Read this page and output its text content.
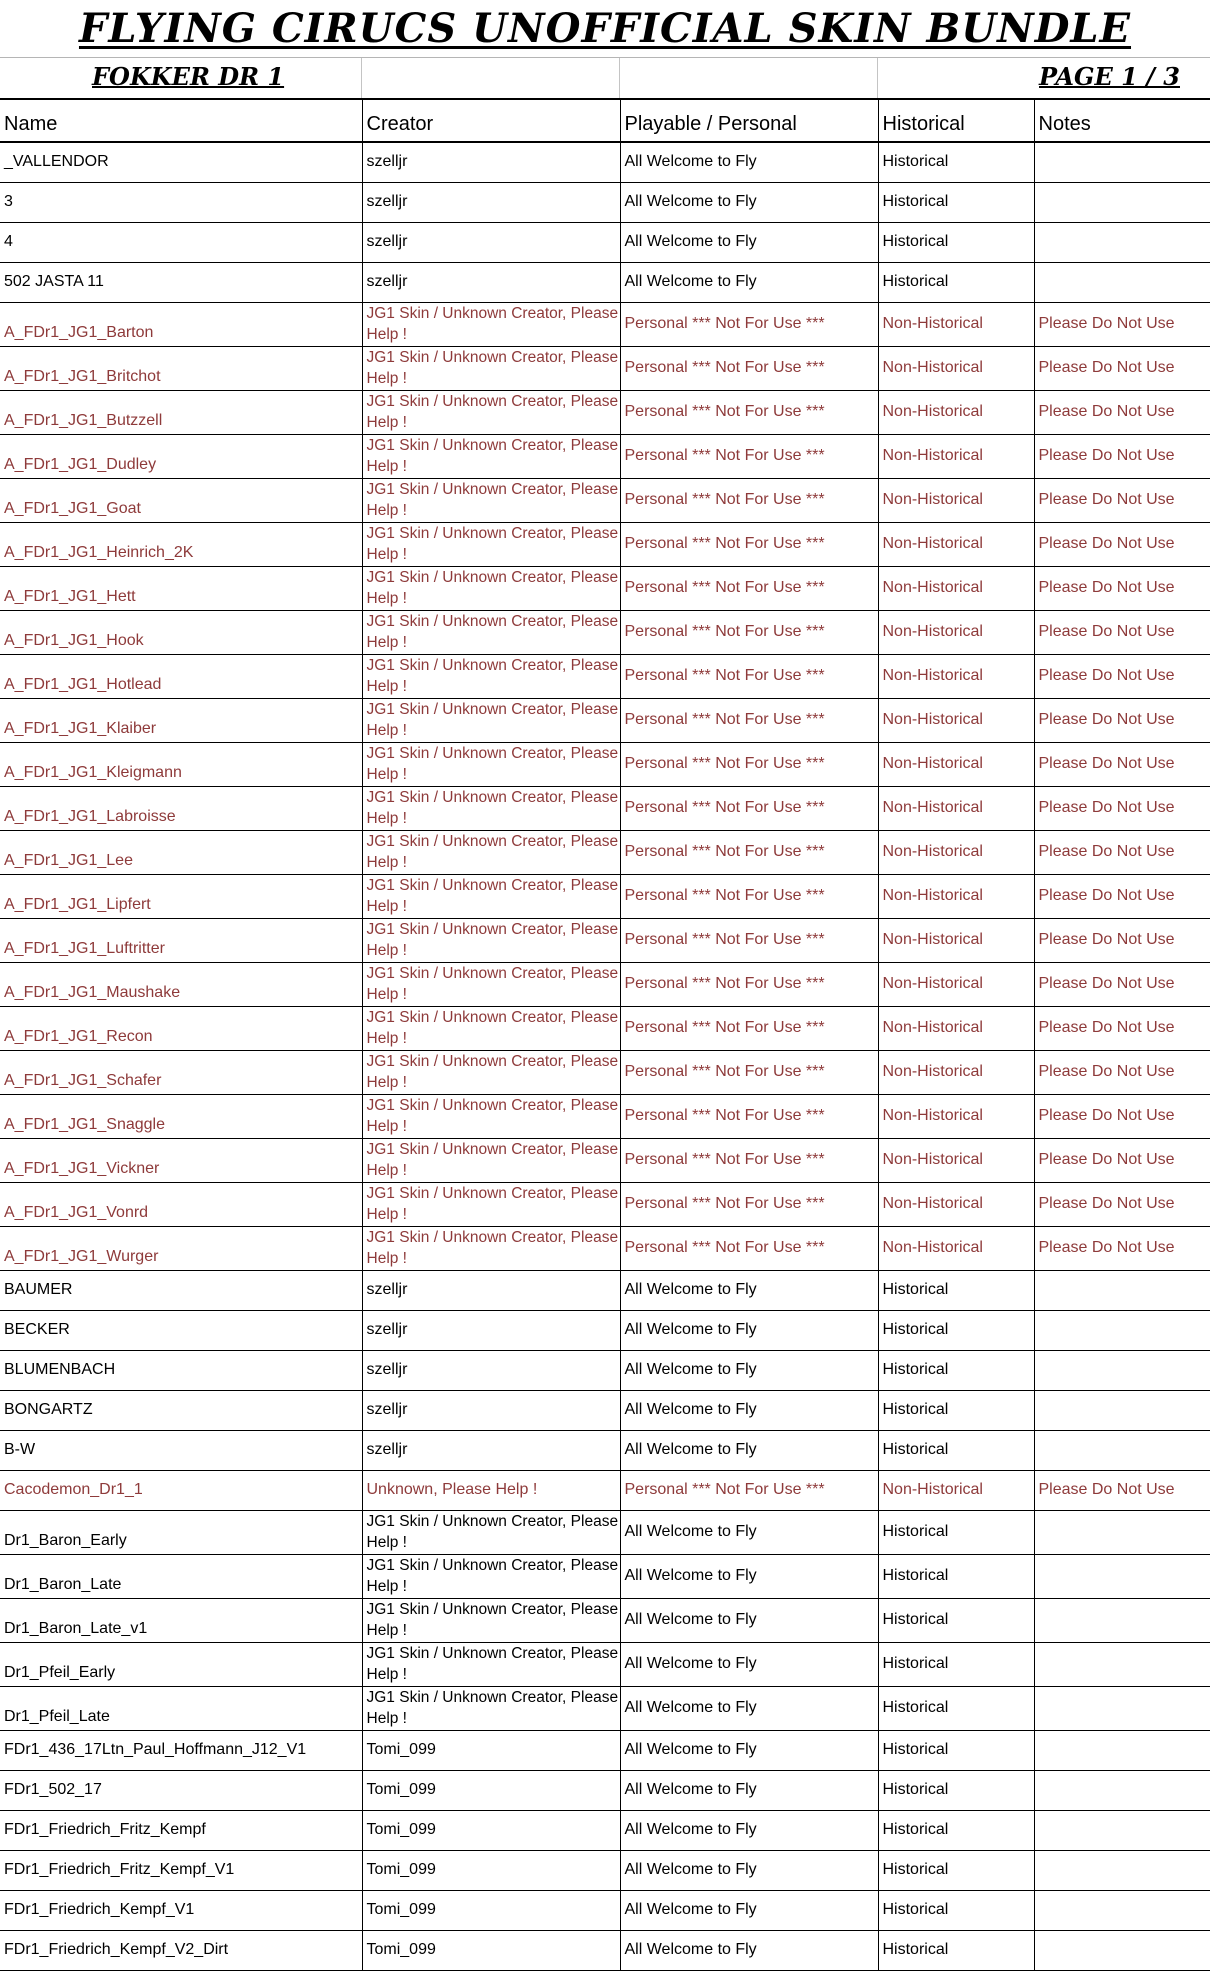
FLYING CIRUCS UNOFFICIAL SKIN BUNDLE
FOKKER DR 1	PAGE 1 / 3
Name	Creator	Playable / Personal	Historical	Notes
_VALLENDOR	szelljr	All Welcome to Fly	Historical	
3	szelljr	All Welcome to Fly	Historical	
4	szelljr	All Welcome to Fly	Historical	
502 JASTA 11	szelljr	All Welcome to Fly	Historical	
A_FDr1_JG1_Barton	JG1 Skin / Unknown Creator, Please Help !	Personal *** Not For Use ***	Non-Historical	Please Do Not Use
A_FDr1_JG1_Britchot	JG1 Skin / Unknown Creator, Please Help !	Personal *** Not For Use ***	Non-Historical	Please Do Not Use
A_FDr1_JG1_Butzzell	JG1 Skin / Unknown Creator, Please Help !	Personal *** Not For Use ***	Non-Historical	Please Do Not Use
A_FDr1_JG1_Dudley	JG1 Skin / Unknown Creator, Please Help !	Personal *** Not For Use ***	Non-Historical	Please Do Not Use
A_FDr1_JG1_Goat	JG1 Skin / Unknown Creator, Please Help !	Personal *** Not For Use ***	Non-Historical	Please Do Not Use
A_FDr1_JG1_Heinrich_2K	JG1 Skin / Unknown Creator, Please Help !	Personal *** Not For Use ***	Non-Historical	Please Do Not Use
A_FDr1_JG1_Hett	JG1 Skin / Unknown Creator, Please Help !	Personal *** Not For Use ***	Non-Historical	Please Do Not Use
A_FDr1_JG1_Hook	JG1 Skin / Unknown Creator, Please Help !	Personal *** Not For Use ***	Non-Historical	Please Do Not Use
A_FDr1_JG1_Hotlead	JG1 Skin / Unknown Creator, Please Help !	Personal *** Not For Use ***	Non-Historical	Please Do Not Use
A_FDr1_JG1_Klaiber	JG1 Skin / Unknown Creator, Please Help !	Personal *** Not For Use ***	Non-Historical	Please Do Not Use
A_FDr1_JG1_Kleigmann	JG1 Skin / Unknown Creator, Please Help !	Personal *** Not For Use ***	Non-Historical	Please Do Not Use
A_FDr1_JG1_Labroisse	JG1 Skin / Unknown Creator, Please Help !	Personal *** Not For Use ***	Non-Historical	Please Do Not Use
A_FDr1_JG1_Lee	JG1 Skin / Unknown Creator, Please Help !	Personal *** Not For Use ***	Non-Historical	Please Do Not Use
A_FDr1_JG1_Lipfert	JG1 Skin / Unknown Creator, Please Help !	Personal *** Not For Use ***	Non-Historical	Please Do Not Use
A_FDr1_JG1_Luftritter	JG1 Skin / Unknown Creator, Please Help !	Personal *** Not For Use ***	Non-Historical	Please Do Not Use
A_FDr1_JG1_Maushake	JG1 Skin / Unknown Creator, Please Help !	Personal *** Not For Use ***	Non-Historical	Please Do Not Use
A_FDr1_JG1_Recon	JG1 Skin / Unknown Creator, Please Help !	Personal *** Not For Use ***	Non-Historical	Please Do Not Use
A_FDr1_JG1_Schafer	JG1 Skin / Unknown Creator, Please Help !	Personal *** Not For Use ***	Non-Historical	Please Do Not Use
A_FDr1_JG1_Snaggle	JG1 Skin / Unknown Creator, Please Help !	Personal *** Not For Use ***	Non-Historical	Please Do Not Use
A_FDr1_JG1_Vickner	JG1 Skin / Unknown Creator, Please Help !	Personal *** Not For Use ***	Non-Historical	Please Do Not Use
A_FDr1_JG1_Vonrd	JG1 Skin / Unknown Creator, Please Help !	Personal *** Not For Use ***	Non-Historical	Please Do Not Use
A_FDr1_JG1_Wurger	JG1 Skin / Unknown Creator, Please Help !	Personal *** Not For Use ***	Non-Historical	Please Do Not Use
BAUMER	szelljr	All Welcome to Fly	Historical	
BECKER	szelljr	All Welcome to Fly	Historical	
BLUMENBACH	szelljr	All Welcome to Fly	Historical	
BONGARTZ	szelljr	All Welcome to Fly	Historical	
B-W	szelljr	All Welcome to Fly	Historical	
Cacodemon_Dr1_1	Unknown, Please Help !	Personal *** Not For Use ***	Non-Historical	Please Do Not Use
Dr1_Baron_Early	JG1 Skin / Unknown Creator, Please Help !	All Welcome to Fly	Historical	
Dr1_Baron_Late	JG1 Skin / Unknown Creator, Please Help !	All Welcome to Fly	Historical	
Dr1_Baron_Late_v1	JG1 Skin / Unknown Creator, Please Help !	All Welcome to Fly	Historical	
Dr1_Pfeil_Early	JG1 Skin / Unknown Creator, Please Help !	All Welcome to Fly	Historical	
Dr1_Pfeil_Late	JG1 Skin / Unknown Creator, Please Help !	All Welcome to Fly	Historical	
FDr1_436_17Ltn_Paul_Hoffmann_J12_V1	Tomi_099	All Welcome to Fly	Historical	
FDr1_502_17	Tomi_099	All Welcome to Fly	Historical	
FDr1_Friedrich_Fritz_Kempf	Tomi_099	All Welcome to Fly	Historical	
FDr1_Friedrich_Fritz_Kempf_V1	Tomi_099	All Welcome to Fly	Historical	
FDr1_Friedrich_Kempf_V1	Tomi_099	All Welcome to Fly	Historical	
FDr1_Friedrich_Kempf_V2_Dirt	Tomi_099	All Welcome to Fly	Historical	
